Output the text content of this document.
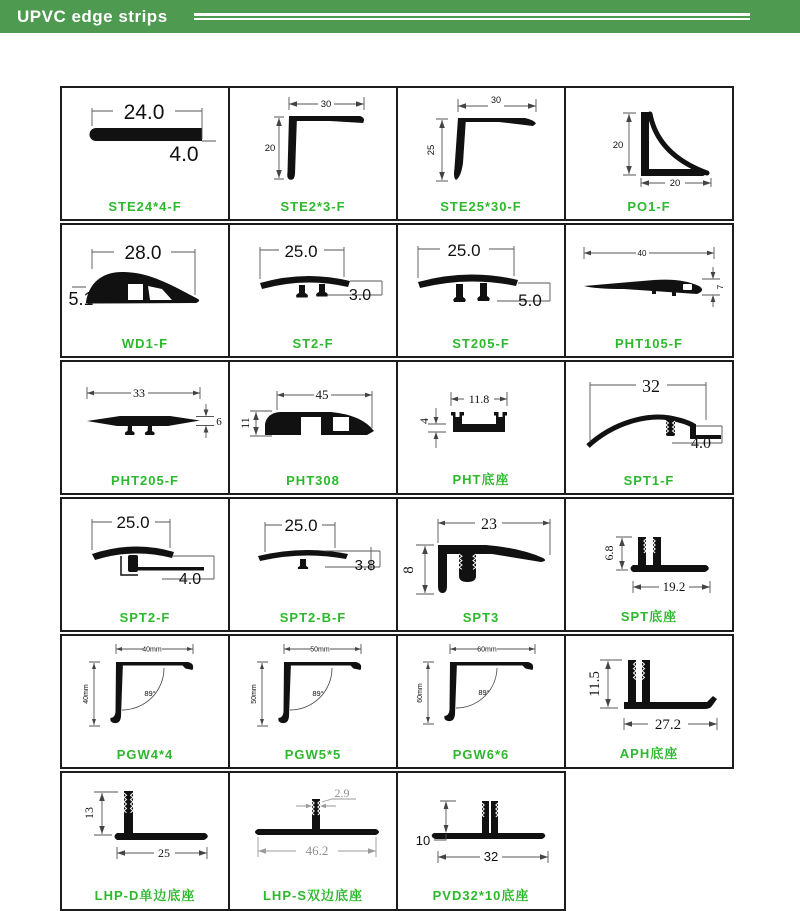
UPVC edge strips
24.0
4.0
STE24*4-F
30
20
STE2*3-F
30
25
STE25*30-F
20
20
PO1-F
28.0
5.1
WD1-F
25.0
3.0
ST2-F
25.0
5.0
ST205-F
40
7
PHT105-F
33
6
PHT205-F
45
11
PHT308
11.8
4
PHT底座
32
4.0
SPT1-F
25.0
4.0
SPT2-F
25.0
3.8
SPT2-B-F
23
8
SPT3
6.8
19.2
SPT底座
40mm
40mm	89°
PGW4*4
50mm
50mm	89°
PGW5*5
60mm
60mm	89°
PGW6*6
11.5
27.2
APH底座
13
25
LHP-D单边底座
2.9
46.2
LHP-S双边底座
10
32
PVD32*10底座
